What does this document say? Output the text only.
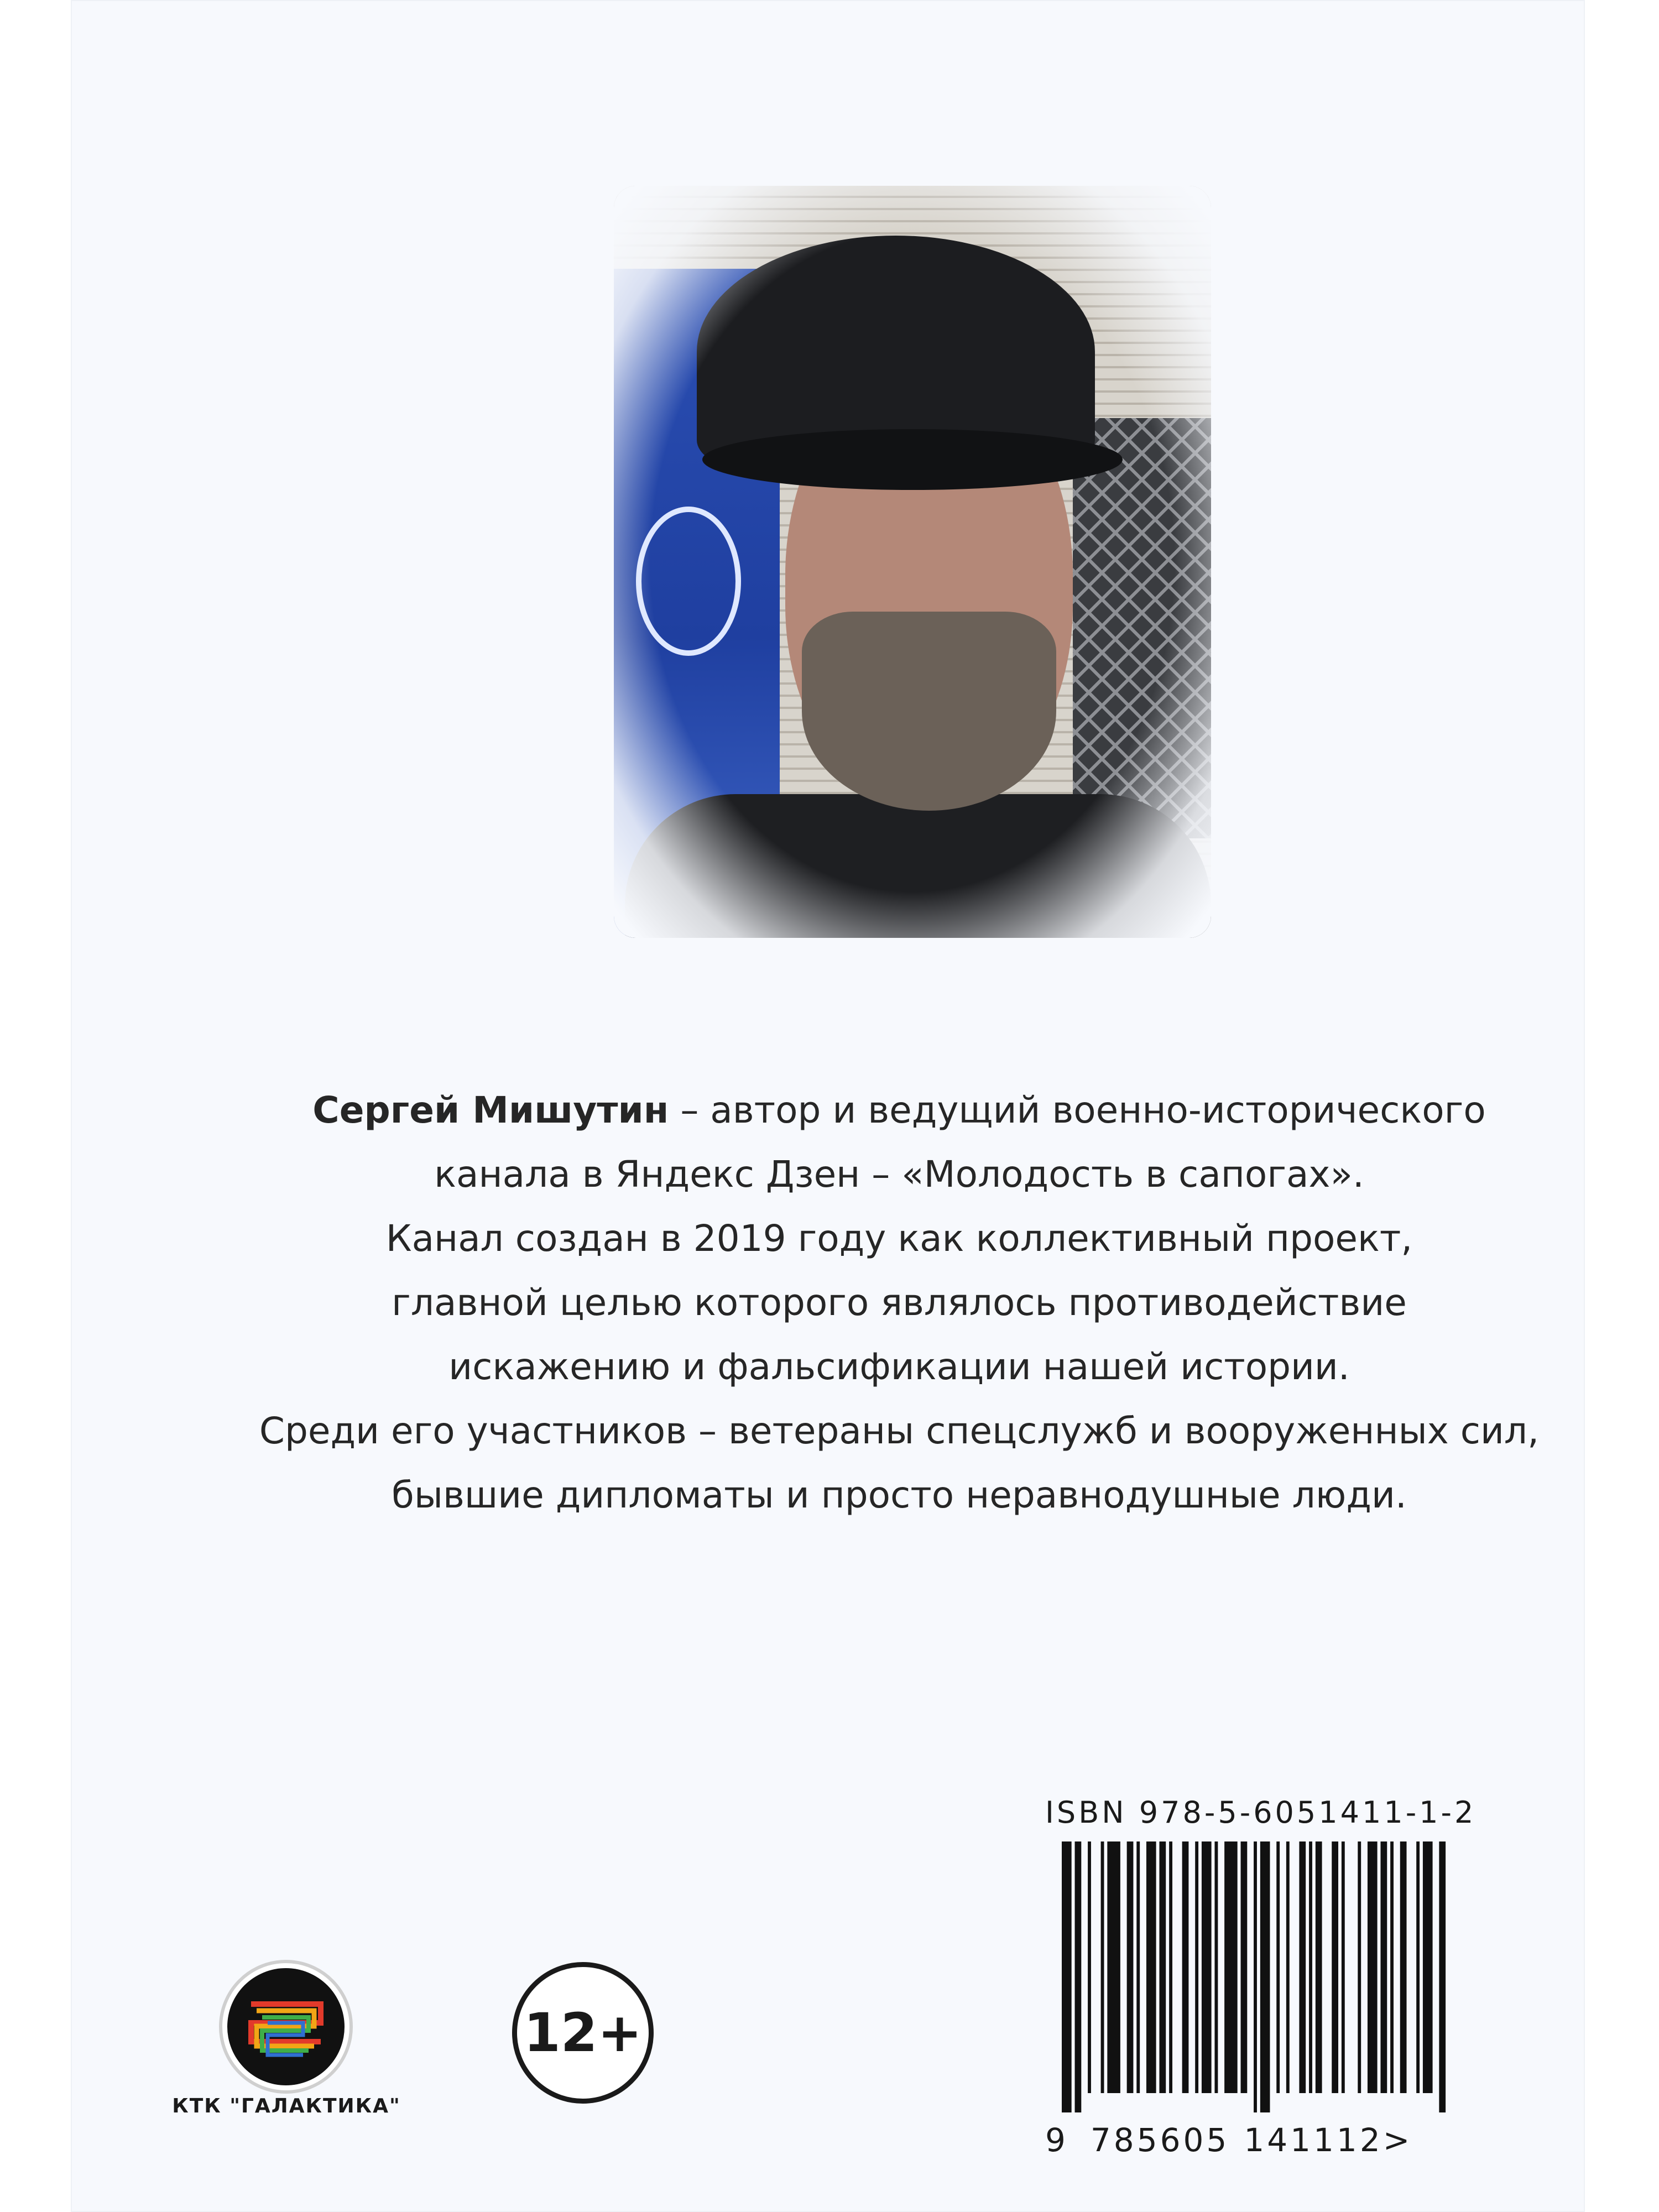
Сергей Мишутин – автор и ведущий военно-исторического
канала в Яндекс Дзен – «Молодость в сапогах».
Канал создан в 2019 году как коллективный проект,
главной целью которого являлось противодействие
искажению и фальсификации нашей истории.
Среди его участников – ветераны спецслужб и вооруженных сил,
бывшие дипломаты и просто неравнодушные люди.

ISBN 978-5-6051411-1-2
9 785605 141112>
КТК "ГАЛАКТИКА"
12+
